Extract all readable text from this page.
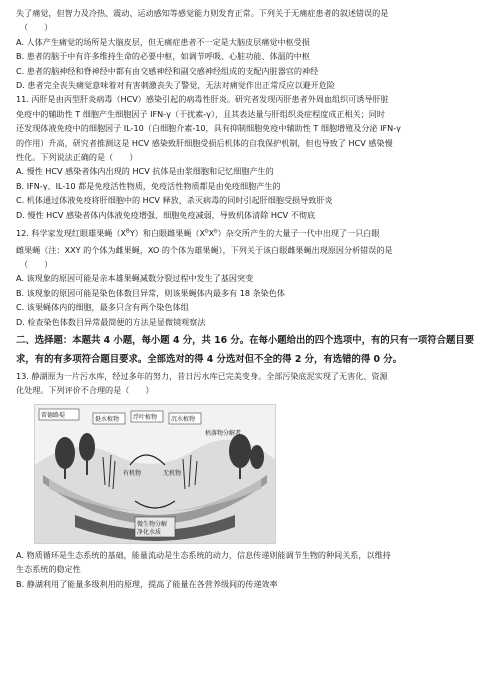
失了痛觉，但智力及冷热、震动、运动感知等感觉能力则发育正常。下列关于无痛症患者的叙述错误的是

（　　）

A. 人体产生痛觉的场所是大脑皮层，但无痛症患者不一定是大脑皮层痛觉中枢受损

B. 患者的脑干中有许多维持生命的必要中枢，如调节呼吸、心脏功能、体温的中枢

C. 患者的脑神经和脊神经中都有由交感神经和副交感神经组成的支配内脏器官的神经

D. 患者完全丧失痛觉意味着对有害刺激丧失了警觉，无法对痛觉作出正常反应以避开危险

11. 丙肝是由丙型肝炎病毒（HCV）感染引起的病毒性肝炎。研究者发现丙肝患者外周血组织可诱导肝脏

免疫中的辅助性 T 细胞产生细胞因子 IFN-γ（干扰素-γ），且其表达量与肝组织炎症程度成正相关；同时

还发现体液免疫中的细胞因子 IL-10（白细胞介素-10，具有抑制细胞免疫中辅助性 T 细胞增殖及分泌 IFN-γ

的作用）升高，研究者推测这是 HCV 感染致肝细胞受损后机体的自我保护机制，但也导致了 HCV 感染慢

性化。下列说法正确的是（　　）

A. 慢性 HCV 感染者体内出现的 HCV 抗体是由浆细胞和记忆细胞产生的

B. IFN-γ、IL-10 都是免疫活性物质，免疫活性物质都是由免疫细胞产生的

C. 机体通过体液免疫将肝细胞中的 HCV 释放，杀灭病毒的同时引起肝细胞受损导致肝炎

D. 慢性 HCV 感染者体内体液免疫增强、细胞免疫减弱，导致机体清除 HCV 不彻底

12. 科学家发现红眼雄果蝇$(X^BY)$和白眼雌果蝇$(X^bX^b)$杂交所产生的大量子一代中出现了一只白眼

雌果蝇（注：XXY 的个体为雌果蝇，XO 的个体为雄果蝇），下列关于该白眼雌果蝇出现原因分析错误的是

（　　）

A. 该现象的原因可能是亲本雄果蝇减数分裂过程中发生了基因突变

B. 该现象的原因可能是染色体数目异常，则该果蝇体内最多有 18 条染色体

C. 该果蝇体内的细胞，最多只含有两个染色体组

D. 检查染色体数目异常最简便的方法是显微镜观察法

二、选择题：本题共 4 小题，每小题 4 分，共 16 分。在每小题给出的四个选项中，有的只有一项符合题目要求，有的有多项符合题目要求。全部选对的得 4 分选对但不全的得 2 分，有选错的得 0 分。

13. 静湖原为一片污水库，经过多年的努力，昔日污水库已完美变身。全部污染底泥实现了无害化、资源

化处理。下列评价不合理的是（　　）

雷德路堤
挺水植物 浮叶植物 沉水植物
有机物	无机物
枯落物分解者
微生物分解
净化水质

A. 物质循环是生态系统的基础，能量流动是生态系统的动力，信息传递则能调节生物的种间关系，以维持

生态系统的稳定性

B. 静湖利用了能量多级利用的原理，提高了能量在各营养级间的传递效率
